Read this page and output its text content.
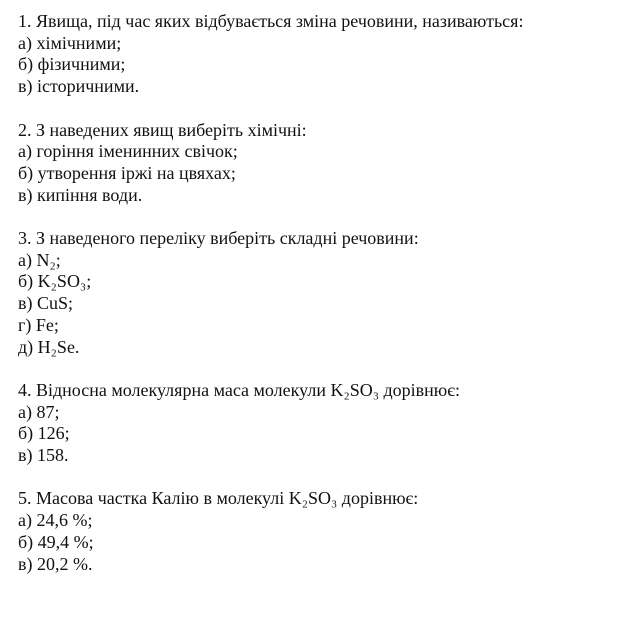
1. Явища, під час яких відбувається зміна речовини, називаються:
а) хімічними;
б) фізичними;
в) історичними.
2. З наведених явищ виберіть хімічні:
а) горіння іменинних свічок;
б) утворення іржі на цвяхах;
в) кипіння води.
3. З наведеного переліку виберіть складні речовини:
а) N₂;
б) K₂SO₃;
в) CuS;
г) Fe;
д) H₂Se.
4. Відносна молекулярна маса молекули K₂SO₃ дорівнює:
а) 87;
б) 126;
в) 158.
5. Масова частка Калію в молекулі K₂SO₃ дорівнює:
а) 24,6 %;
б) 49,4 %;
в) 20,2 %.
